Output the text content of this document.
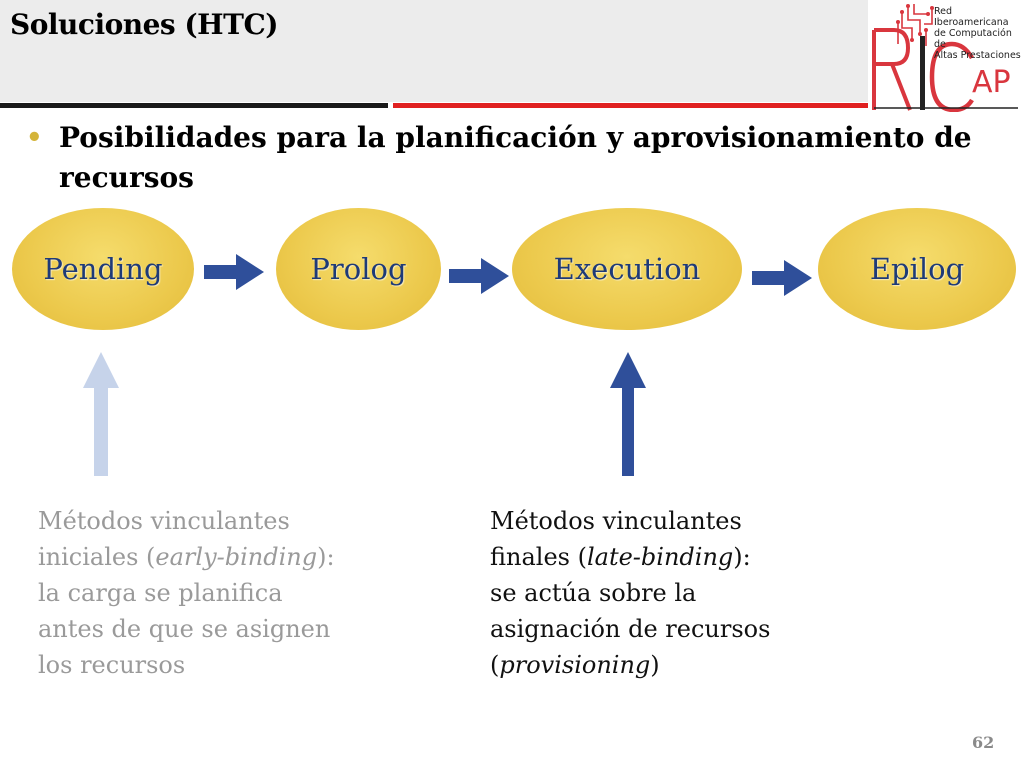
Soluciones (HTC)
AP
Red Iberoamericana
de Computación de
Altas Prestaciones
• Posibilidades para la planificación y aprovisionamiento de recursos
Pending	Prolog	Execution	Epilog
Métodos vinculantes
iniciales (early-binding):
la carga se planifica
antes de que se asignen
los recursos
Métodos vinculantes
finales (late-binding):
se actúa sobre la
asignación de recursos
(provisioning)
62
